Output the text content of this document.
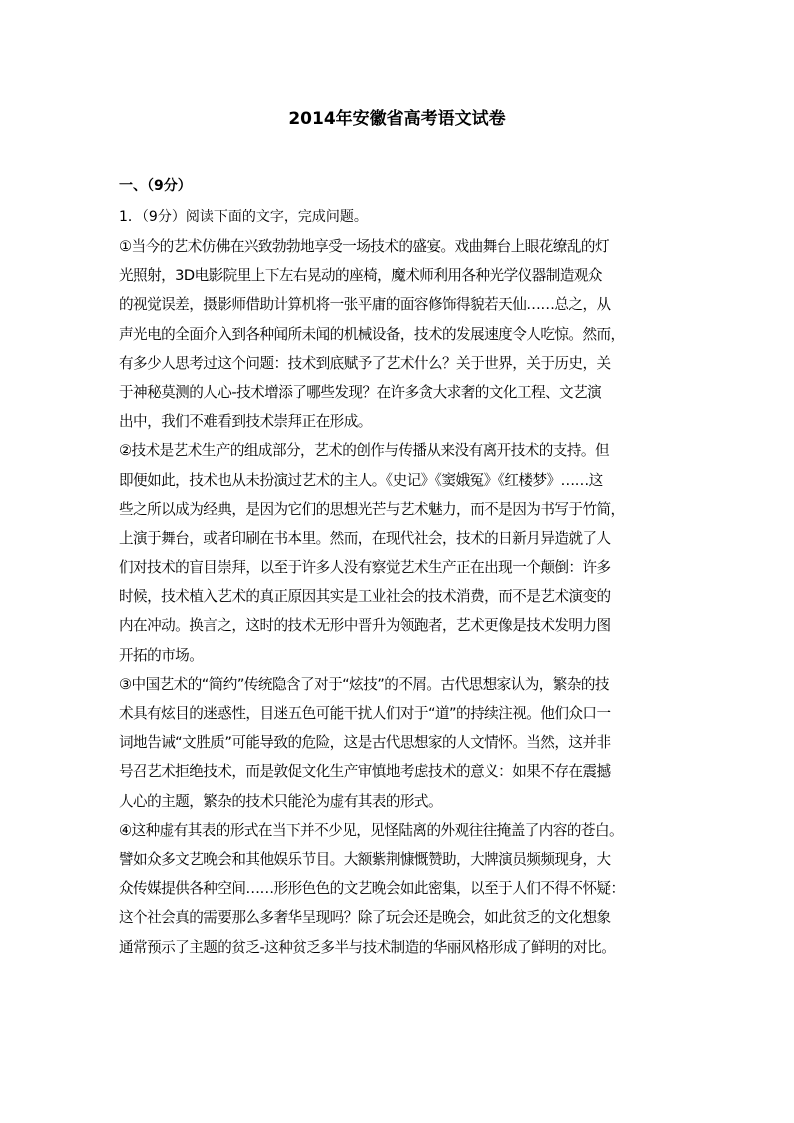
2014年安徽省高考语文试卷
一、（9分）
1．（9分）阅读下面的文字，完成问题。
①当今的艺术仿佛在兴致勃勃地享受一场技术的盛宴。戏曲舞台上眼花缭乱的灯
光照射，3D电影院里上下左右晃动的座椅，魔术师利用各种光学仪器制造观众
的视觉误差，摄影师借助计算机将一张平庸的面容修饰得貌若天仙……总之，从
声光电的全面介入到各种闻所未闻的机械设备，技术的发展速度令人吃惊。然而，
有多少人思考过这个问题：技术到底赋予了艺术什么？关于世界，关于历史，关
于神秘莫测的人心-技术增添了哪些发现？在许多贪大求奢的文化工程、文艺演
出中，我们不难看到技术崇拜正在形成。
②技术是艺术生产的组成部分，艺术的创作与传播从来没有离开技术的支持。但
即便如此，技术也从未扮演过艺术的主人。《史记》《窦娥冤》《红楼梦》……这
些之所以成为经典，是因为它们的思想光芒与艺术魅力，而不是因为书写于竹简，
上演于舞台，或者印刷在书本里。然而，在现代社会，技术的日新月异造就了人
们对技术的盲目崇拜，以至于许多人没有察觉艺术生产正在出现一个颠倒：许多
时候，技术植入艺术的真正原因其实是工业社会的技术消费，而不是艺术演变的
内在冲动。换言之，这时的技术无形中晋升为领跑者，艺术更像是技术发明力图
开拓的市场。
③中国艺术的“简约”传统隐含了对于“炫技”的不屑。古代思想家认为，繁杂的技
术具有炫目的迷惑性，目迷五色可能干扰人们对于“道”的持续注视。他们众口一
词地告诫“文胜质”可能导致的危险，这是古代思想家的人文情怀。当然，这并非
号召艺术拒绝技术，而是敦促文化生产审慎地考虑技术的意义：如果不存在震撼
人心的主题，繁杂的技术只能沦为虚有其表的形式。
④这种虚有其表的形式在当下并不少见，见怪陆离的外观往往掩盖了内容的苍白。
譬如众多文艺晚会和其他娱乐节目。大额紫荆慷慨赞助，大牌演员频频现身，大
众传媒提供各种空间……形形色色的文艺晚会如此密集，以至于人们不得不怀疑：
这个社会真的需要那么多奢华呈现吗？除了玩会还是晚会，如此贫乏的文化想象
通常预示了主题的贫乏-这种贫乏多半与技术制造的华丽风格形成了鲜明的对比。
